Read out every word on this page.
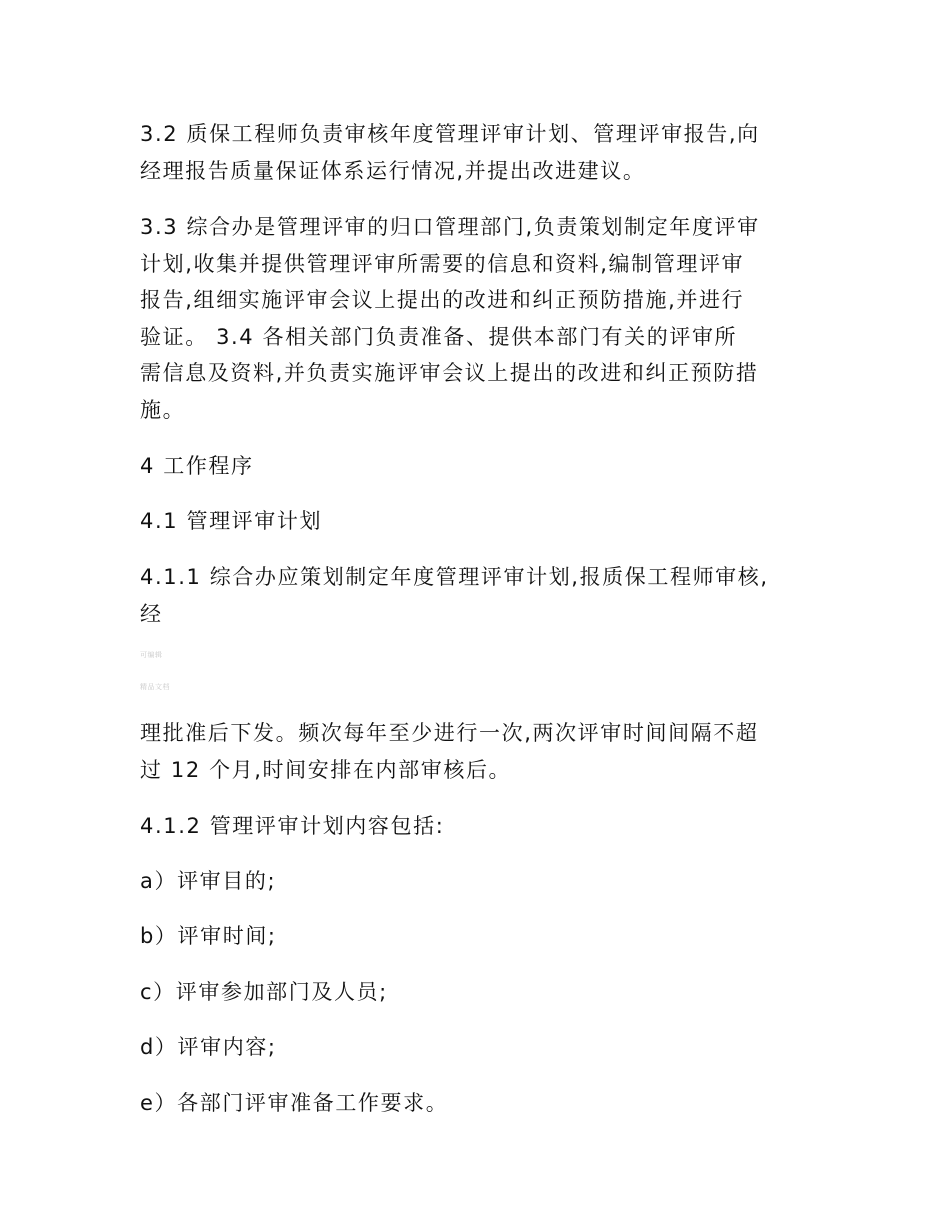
3.2 质保工程师负责审核年度管理评审计划、管理评审报告,向
经理报告质量保证体系运行情况,并提出改进建议。

3.3 综合办是管理评审的归口管理部门,负责策划制定年度评审
计划,收集并提供管理评审所需要的信息和资料,编制管理评审
报告,组细实施评审会议上提出的改进和纠正预防措施,并进行
验证。 3.4 各相关部门负责准备、提供本部门有关的评审所
需信息及资料,并负责实施评审会议上提出的改进和纠正预防措
施。

4 工作程序

4.1 管理评审计划

4.1.1 综合办应策划制定年度管理评审计划,报质保工程师审核,
经

可编辑
精品文档

理批准后下发。频次每年至少进行一次,两次评审时间间隔不超
过 12 个月,时间安排在内部审核后。

4.1.2 管理评审计划内容包括:

a）评审目的;

b）评审时间;

c）评审参加部门及人员;

d）评审内容;

e）各部门评审准备工作要求。
